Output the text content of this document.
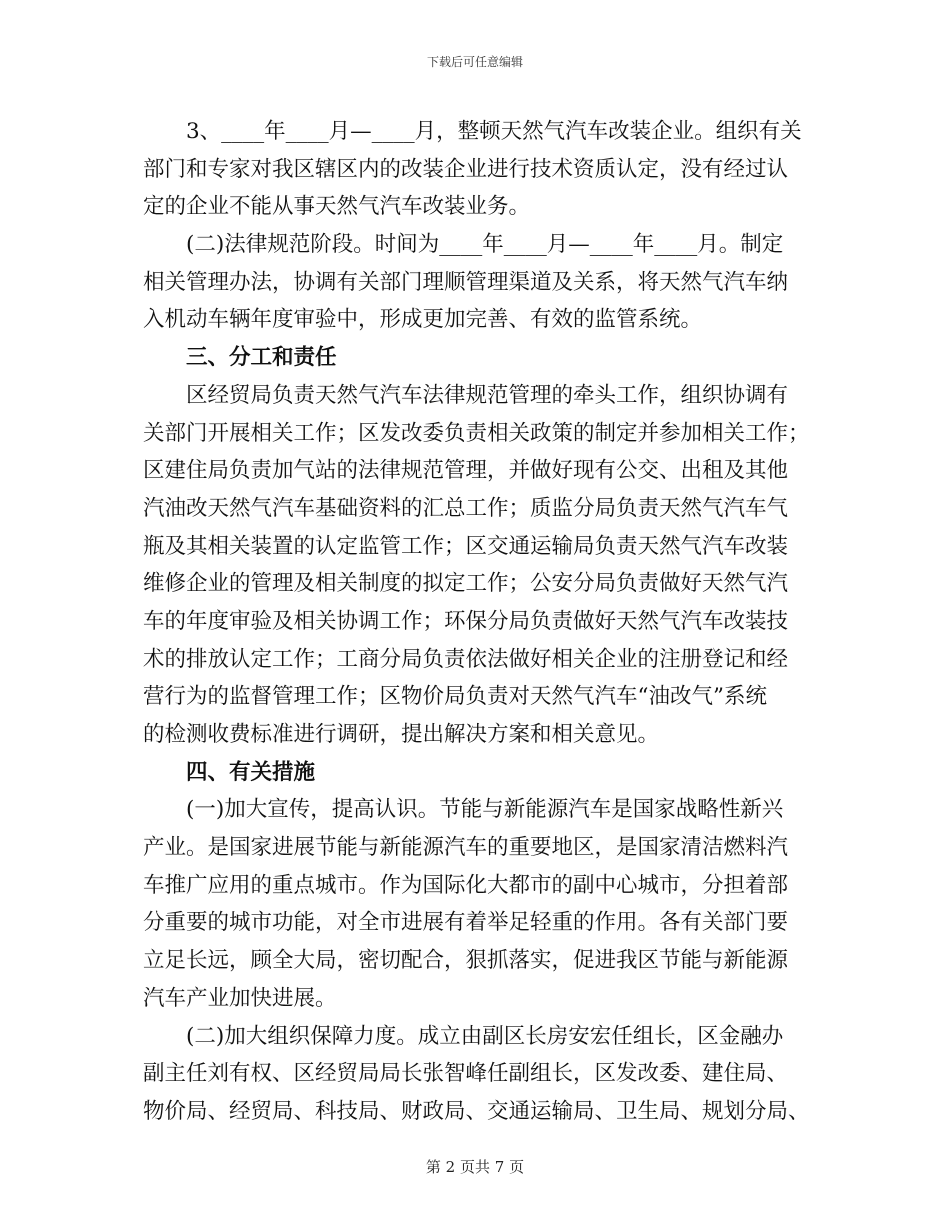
下载后可任意编辑
3、____年____月—____月，整顿天然气汽车改装企业。组织有关
部门和专家对我区辖区内的改装企业进行技术资质认定，没有经过认
定的企业不能从事天然气汽车改装业务。
(二)法律规范阶段。时间为____年____月—____年____月。制定
相关管理办法，协调有关部门理顺管理渠道及关系，将天然气汽车纳
入机动车辆年度审验中，形成更加完善、有效的监管系统。
三、分工和责任
区经贸局负责天然气汽车法律规范管理的牵头工作，组织协调有
关部门开展相关工作；区发改委负责相关政策的制定并参加相关工作；
区建住局负责加气站的法律规范管理，并做好现有公交、出租及其他
汽油改天然气汽车基础资料的汇总工作；质监分局负责天然气汽车气
瓶及其相关装置的认定监管工作；区交通运输局负责天然气汽车改装
维修企业的管理及相关制度的拟定工作；公安分局负责做好天然气汽
车的年度审验及相关协调工作；环保分局负责做好天然气汽车改装技
术的排放认定工作；工商分局负责依法做好相关企业的注册登记和经
营行为的监督管理工作；区物价局负责对天然气汽车“油改气”系统
的检测收费标准进行调研，提出解决方案和相关意见。
四、有关措施
(一)加大宣传，提高认识。节能与新能源汽车是国家战略性新兴
产业。是国家进展节能与新能源汽车的重要地区，是国家清洁燃料汽
车推广应用的重点城市。作为国际化大都市的副中心城市，分担着部
分重要的城市功能，对全市进展有着举足轻重的作用。各有关部门要
立足长远，顾全大局，密切配合，狠抓落实，促进我区节能与新能源
汽车产业加快进展。
(二)加大组织保障力度。成立由副区长房安宏任组长，区金融办
副主任刘有权、区经贸局局长张智峰任副组长，区发改委、建住局、
物价局、经贸局、科技局、财政局、交通运输局、卫生局、规划分局、
第 2 页共 7 页
